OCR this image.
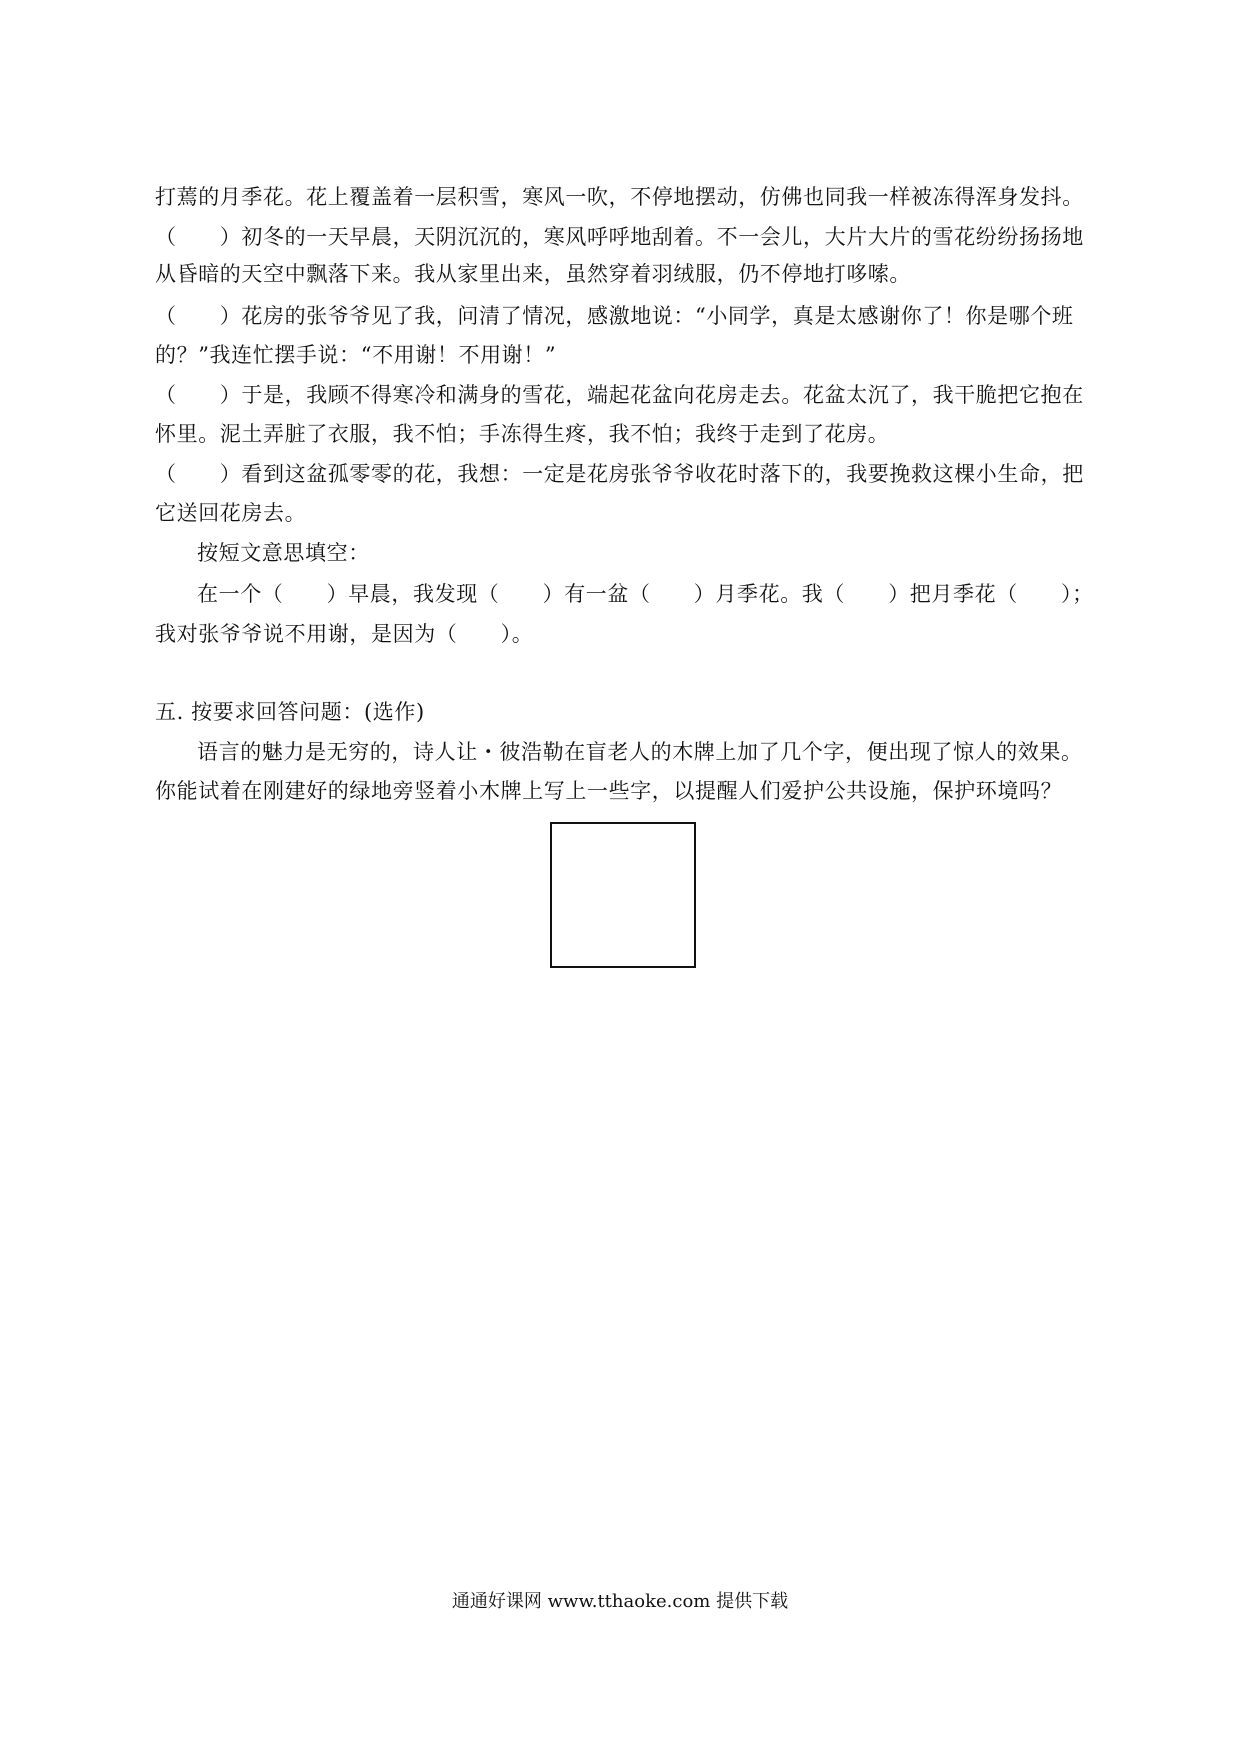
打蔫的月季花。花上覆盖着一层积雪，寒风一吹，不停地摆动，仿佛也同我一样被冻得浑身发抖。
（　　）初冬的一天早晨，天阴沉沉的，寒风呼呼地刮着。不一会儿，大片大片的雪花纷纷扬扬地
从昏暗的天空中飘落下来。我从家里出来，虽然穿着羽绒服，仍不停地打哆嗦。
（　　）花房的张爷爷见了我，问清了情况，感激地说：“小同学，真是太感谢你了！你是哪个班
的？”我连忙摆手说：“不用谢！不用谢！”
（　　）于是，我顾不得寒冷和满身的雪花，端起花盆向花房走去。花盆太沉了，我干脆把它抱在
怀里。泥土弄脏了衣服，我不怕；手冻得生疼，我不怕；我终于走到了花房。
（　　）看到这盆孤零零的花，我想：一定是花房张爷爷收花时落下的，我要挽救这棵小生命，把
它送回花房去。
按短文意思填空：
在一个（　　）早晨，我发现（　　）有一盆（　　）月季花。我（　　）把月季花（　　）；
我对张爷爷说不用谢，是因为（　　）。
五. 按要求回答问题：(选作)
语言的魅力是无穷的，诗人让・彼浩勒在盲老人的木牌上加了几个字，便出现了惊人的效果。
你能试着在刚建好的绿地旁竖着小木牌上写上一些字，以提醒人们爱护公共设施，保护环境吗？
通通好课网 www.tthaoke.com 提供下载
